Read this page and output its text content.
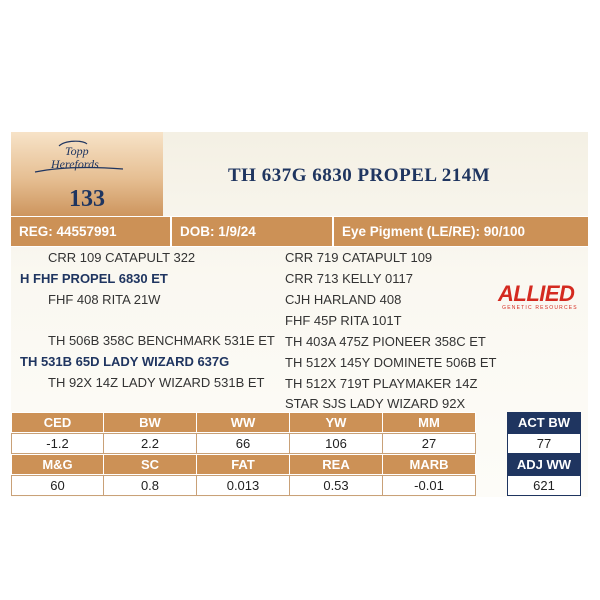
Topp
Herefords
133
TH 637G 6830 PROPEL 214M
REG: 44557991	DOB: 1/9/24	Eye Pigment (LE/RE): 90/100
CRR 109 CATAPULT 322
H FHF PROPEL 6830 ET
FHF 408 RITA 21W
TH 506B 358C BENCHMARK 531E ET
TH 531B 65D LADY WIZARD 637G
TH 92X 14Z LADY WIZARD 531B ET
CRR 719 CATAPULT 109
CRR 713 KELLY 0117
CJH HARLAND 408
FHF 45P RITA 101T
TH 403A 475Z PIONEER 358C ET
TH 512X 145Y DOMINETE 506B ET
TH 512X 719T PLAYMAKER 14Z
STAR SJS LADY WIZARD 92X
ALLIED
GENETIC RESOURCES
CED	BW	WW	YW	MM
-1.2	2.2	66	106	27
M&G	SC	FAT	REA	MARB
60	0.8	0.013	0.53	-0.01
ACT BW
77
ADJ WW
621
